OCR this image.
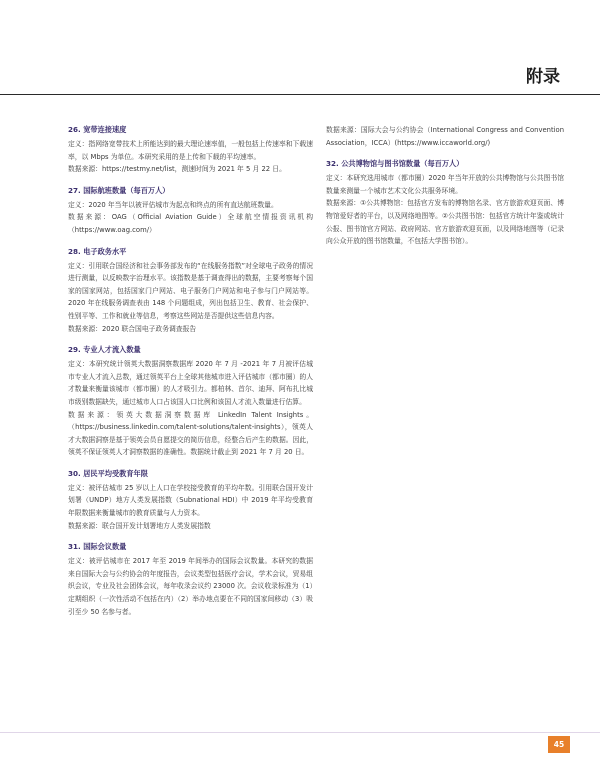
附录
26. 宽带连接速度

定义：指网络宽带技术上所能达到的最大理论速率值，一般包括上传速率和下载速率，以 Mbps 为单位。本研究采用的是上传和下载的平均速率。

数据来源：https://testmy.net/list，测速时间为 2021 年 5 月 22 日。

27. 国际航班数量（每百万人）

定义：2020 年当年以被评估城市为起点和终点的所有直达航班数量。

数据来源：OAG（Official Aviation Guide）全球航空情报资讯机构（https://www.oag.com/）

28. 电子政务水平

定义：引用联合国经济和社会事务部发布的“在线服务指数”对全球电子政务的情况进行测量，以反映数字治理水平。该指数是基于调查得出的数据，主要考察每个国家的国家网站，包括国家门户网站、电子服务门户网站和电子参与门户网站等。2020 年在线服务调查表由 148 个问题组成，列出包括卫生、教育、社会保护、性别平等、工作和就业等信息，考察这些网站是否提供这些信息内容。

数据来源：2020 联合国电子政务调查报告

29. 专业人才流入数量

定义：本研究统计领英大数据洞察数据库 2020 年 7 月 -2021 年 7 月被评估城市专业人才流入总数，通过领英平台上全球其他城市进入评估城市（都市圈）的人才数量来衡量该城市（都市圈）的人才吸引力。都柏林、首尔、迪拜、阿布扎比城市级别数据缺失，通过城市人口占该国人口比例和该国人才流入数量进行估算。

数据来源：领英大数据洞察数据库 LinkedIn Talent Insights。（https://business.linkedin.com/talent-solutions/talent-insights），领英人才大数据洞察是基于领英会员自愿提交的简历信息，经整合后产生的数据。因此，领英不保证领英人才洞察数据的准确性。数据统计截止到 2021 年 7 月 20 日。

30. 居民平均受教育年限

定义：被评估城市 25 岁以上人口在学校接受教育的平均年数。引用联合国开发计划署（UNDP）地方人类发展指数（Subnational HDI）中 2019 年平均受教育年限数据来衡量城市的教育质量与人力资本。

数据来源：联合国开发计划署地方人类发展指数

31. 国际会议数量

定义：被评估城市在 2017 年至 2019 年间举办的国际会议数量。本研究的数据来自国际大会与公约协会的年度报告，会议类型包括医疗会议，学术会议，贸易组织会议，专业及社会团体会议，每年收录会议约 23000 次。会议收录标准为（1）定期组织（一次性活动不包括在内）（2）举办地点要在不同的国家间移动（3）吸引至少 50 名参与者。

数据来源：国际大会与公约协会（International Congress and Convention Association，ICCA）(https://www.iccaworld.org/)

32. 公共博物馆与图书馆数量（每百万人）

定义：本研究选用城市（都市圈）2020 年当年开放的公共博物馆与公共图书馆数量来测量一个城市艺术文化公共服务环境。

数据来源：①公共博物馆：包括官方发布的博物馆名录、官方旅游欢迎页面、博物馆爱好者的平台，以及网络地图等。②公共图书馆：包括官方统计年鉴或统计公报、图书馆官方网站、政府网站、官方旅游欢迎页面，以及网络地图等（记录向公众开放的图书馆数量，不包括大学图书馆）。

45
